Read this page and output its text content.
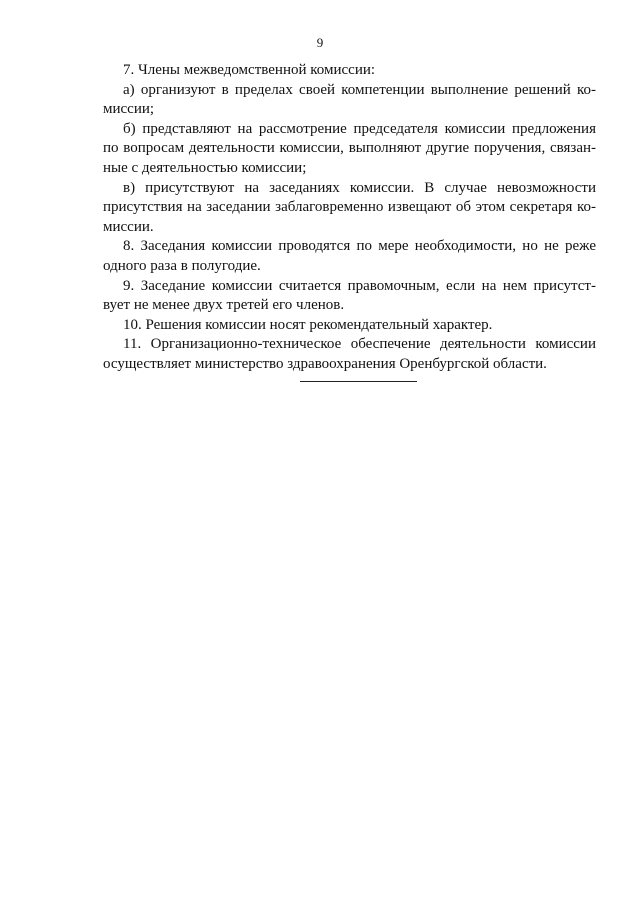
9

7. Члены межведомственной комиссии:

а) организуют в пределах своей компетенции выполнение решений ко-миссии;

б) представляют на рассмотрение председателя комиссии предложения по вопросам деятельности комиссии, выполняют другие поручения, связан-ные с деятельностью комиссии;

в) присутствуют на заседаниях комиссии. В случае невозможности присутствия на заседании заблаговременно извещают об этом секретаря ко-миссии.

8. Заседания комиссии проводятся по мере необходимости, но не реже одного раза в полугодие.

9. Заседание комиссии считается правомочным, если на нем присутст-вует не менее двух третей его членов.

10. Решения комиссии носят рекомендательный характер.

11. Организационно-техническое обеспечение деятельности комиссии осуществляет министерство здравоохранения Оренбургской области.
